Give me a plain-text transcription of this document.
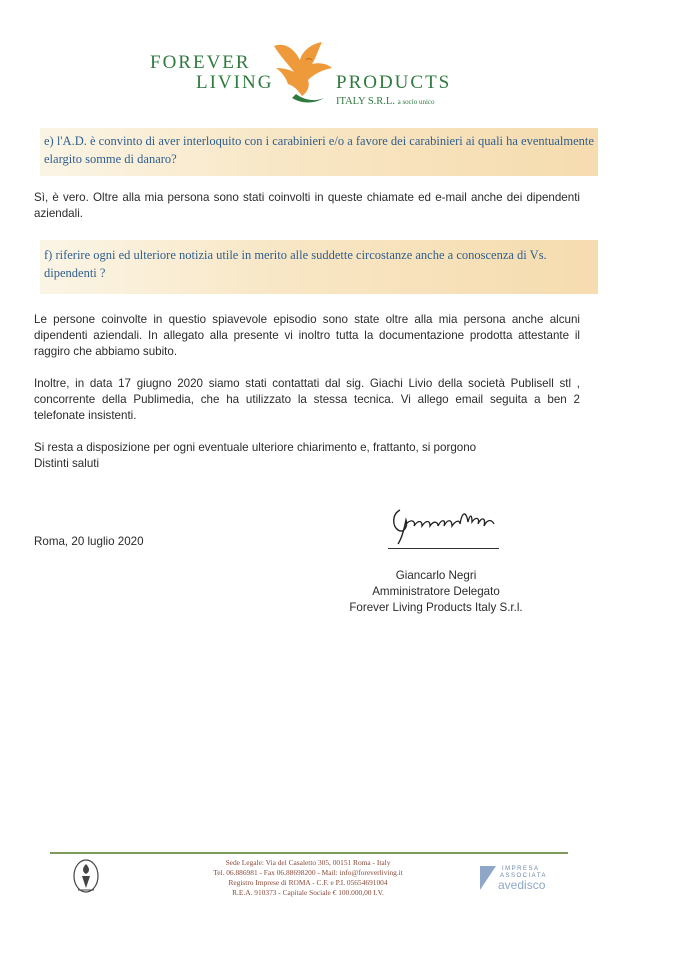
FOREVER
LIVING	PRODUCTS
ITALY S.R.L. a socio unico
e) l'A.D. è convinto di aver interloquito con i carabinieri e/o a favore dei carabinieri ai quali ha eventualmente elargito somme di danaro?
Sì, è vero. Oltre alla mia persona sono stati coinvolti in queste chiamate ed e-mail anche dei dipendenti aziendali.
f) riferire ogni ed ulteriore notizia utile in merito alle suddette circostanze anche a conoscenza di Vs. dipendenti ?
Le persone coinvolte in questio spiavevole episodio sono state oltre alla mia persona anche alcuni dipendenti aziendali. In allegato alla presente vi inoltro tutta la documentazione prodotta attestante il raggiro che abbiamo subito.
Inoltre, in data 17 giugno 2020 siamo stati contattati dal sig. Giachi Livio della società Publisell stl , concorrente della Publimedia, che ha utilizzato la stessa tecnica. Vi allego email seguita a ben 2 telefonate insistenti.
Si resta a disposizione per ogni eventuale ulteriore chiarimento e, frattanto, si porgono
Distinti saluti
Roma, 20 luglio 2020
Giancarlo Negri
Amministratore Delegato
Forever Living Products Italy S.r.l.
Sede Legale: Via del Casaletto 305, 00151 Roma - Italy
Tel. 06.886981 - Fax 06.88698200 - Mail: info@foreverliving.it
Registro Imprese di ROMA - C.F. e P.I. 05654691004
R.E.A. 910373 - Capitale Sociale € 100.000,00 I.V.
IMPRESA
ASSOCIATA
avedisco
